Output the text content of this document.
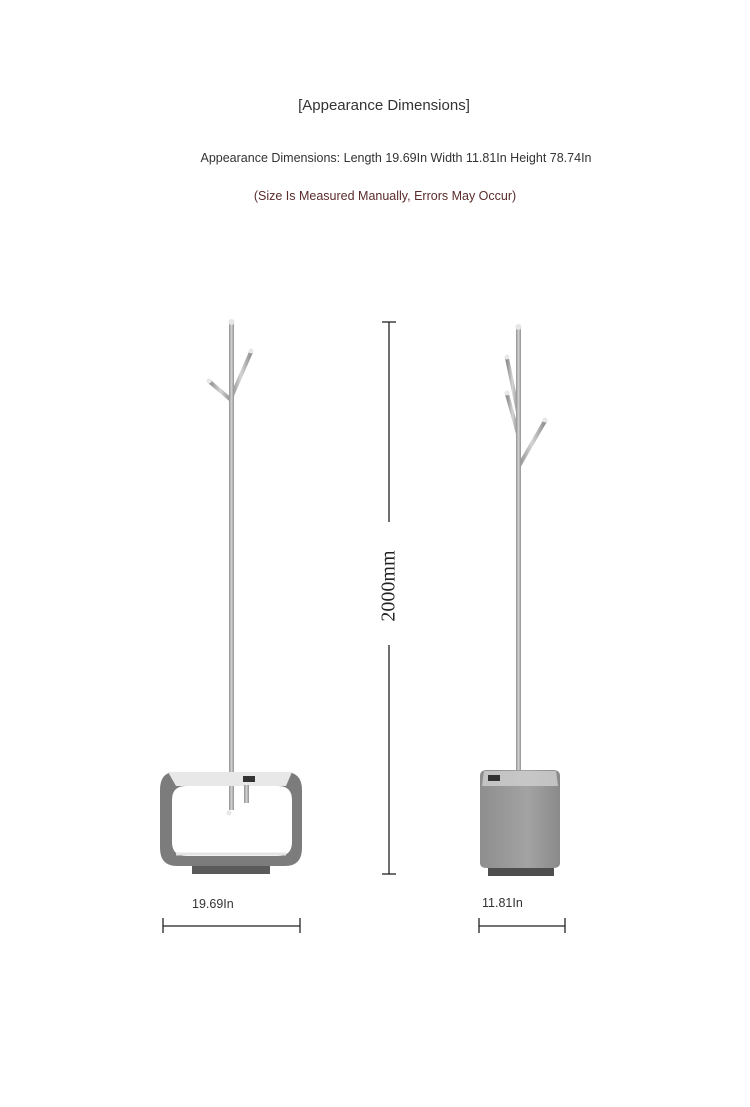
[Appearance Dimensions]
Appearance Dimensions: Length 19.69In Width 11.81In Height 78.74In
(Size Is Measured Manually, Errors May Occur)
2000mm
19.69In	11.81In
